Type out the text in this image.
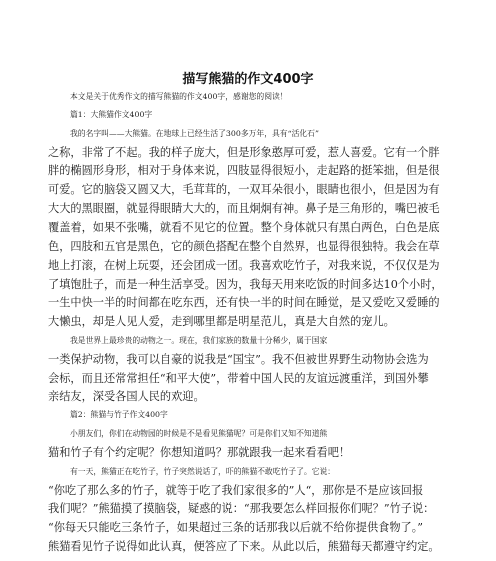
描写熊猫的作文400字
本文是关于优秀作文的描写熊猫的作文400字，感谢您的阅读！
篇1：大熊猫作文400字
我的名字叫——大熊猫。在地球上已经生活了300多万年，具有“活化石”
之称，非常了不起。我的样子庞大，但是形象憨厚可爱，惹人喜爱。它有一个胖
胖的椭圆形身形，相对于身体来说，四肢显得很短小，走起路的挺笨拙，但是很
可爱。它的脑袋又圆又大，毛茸茸的，一双耳朵很小，眼睛也很小，但是因为有
大大的黑眼圈，就显得眼睛大大的，而且炯炯有神。鼻子是三角形的，嘴巴被毛
覆盖着，如果不张嘴，就看不见它的位置。整个身体就只有黑白两色，白色是底
色，四肢和五官是黑色，它的颜色搭配在整个自然界，也显得很独特。我会在草
地上打滚，在树上玩耍，还会团成一团。我喜欢吃竹子，对我来说，不仅仅是为
了填饱肚子，而是一种生活享受。因为，我每天用来吃饭的时间多达10个小时，
一生中快一半的时间都在吃东西，还有快一半的时间在睡觉，是又爱吃又爱睡的
大懒虫，却是人见人爱，走到哪里都是明星范儿，真是大自然的宠儿。
我是世界上最珍贵的动物之一。现在，我们家族的数量十分稀少，属于国家
一类保护动物，我可以自豪的说我是“国宝”。我不但被世界野生动物协会选为
会标，而且还常常担任“和平大使”，带着中国人民的友谊远渡重洋，到国外攀
亲结友，深受各国人民的欢迎。
篇2：熊猫与竹子作文400字
小朋友们，你们在动物园的时候是不是看见熊猫呢？可是你们又知不知道熊
猫和竹子有个约定呢？你想知道吗？那就跟我一起来看看吧！
有一天，熊猫正在吃竹子，竹子突然说话了，吓的熊猫不敢吃竹子了。它说：
“你吃了那么多的竹子，就等于吃了我们家很多的”人“，那你是不是应该回报
我们呢？”熊猫摸了摸脑袋，疑惑的说：“那我要怎么样回报你们呢？”竹子说：
“你每天只能吃三条竹子，如果超过三条的话那我以后就不给你提供食物了。”
熊猫看见竹子说得如此认真，便答应了下来。从此以后，熊猫每天都遵守约定。
